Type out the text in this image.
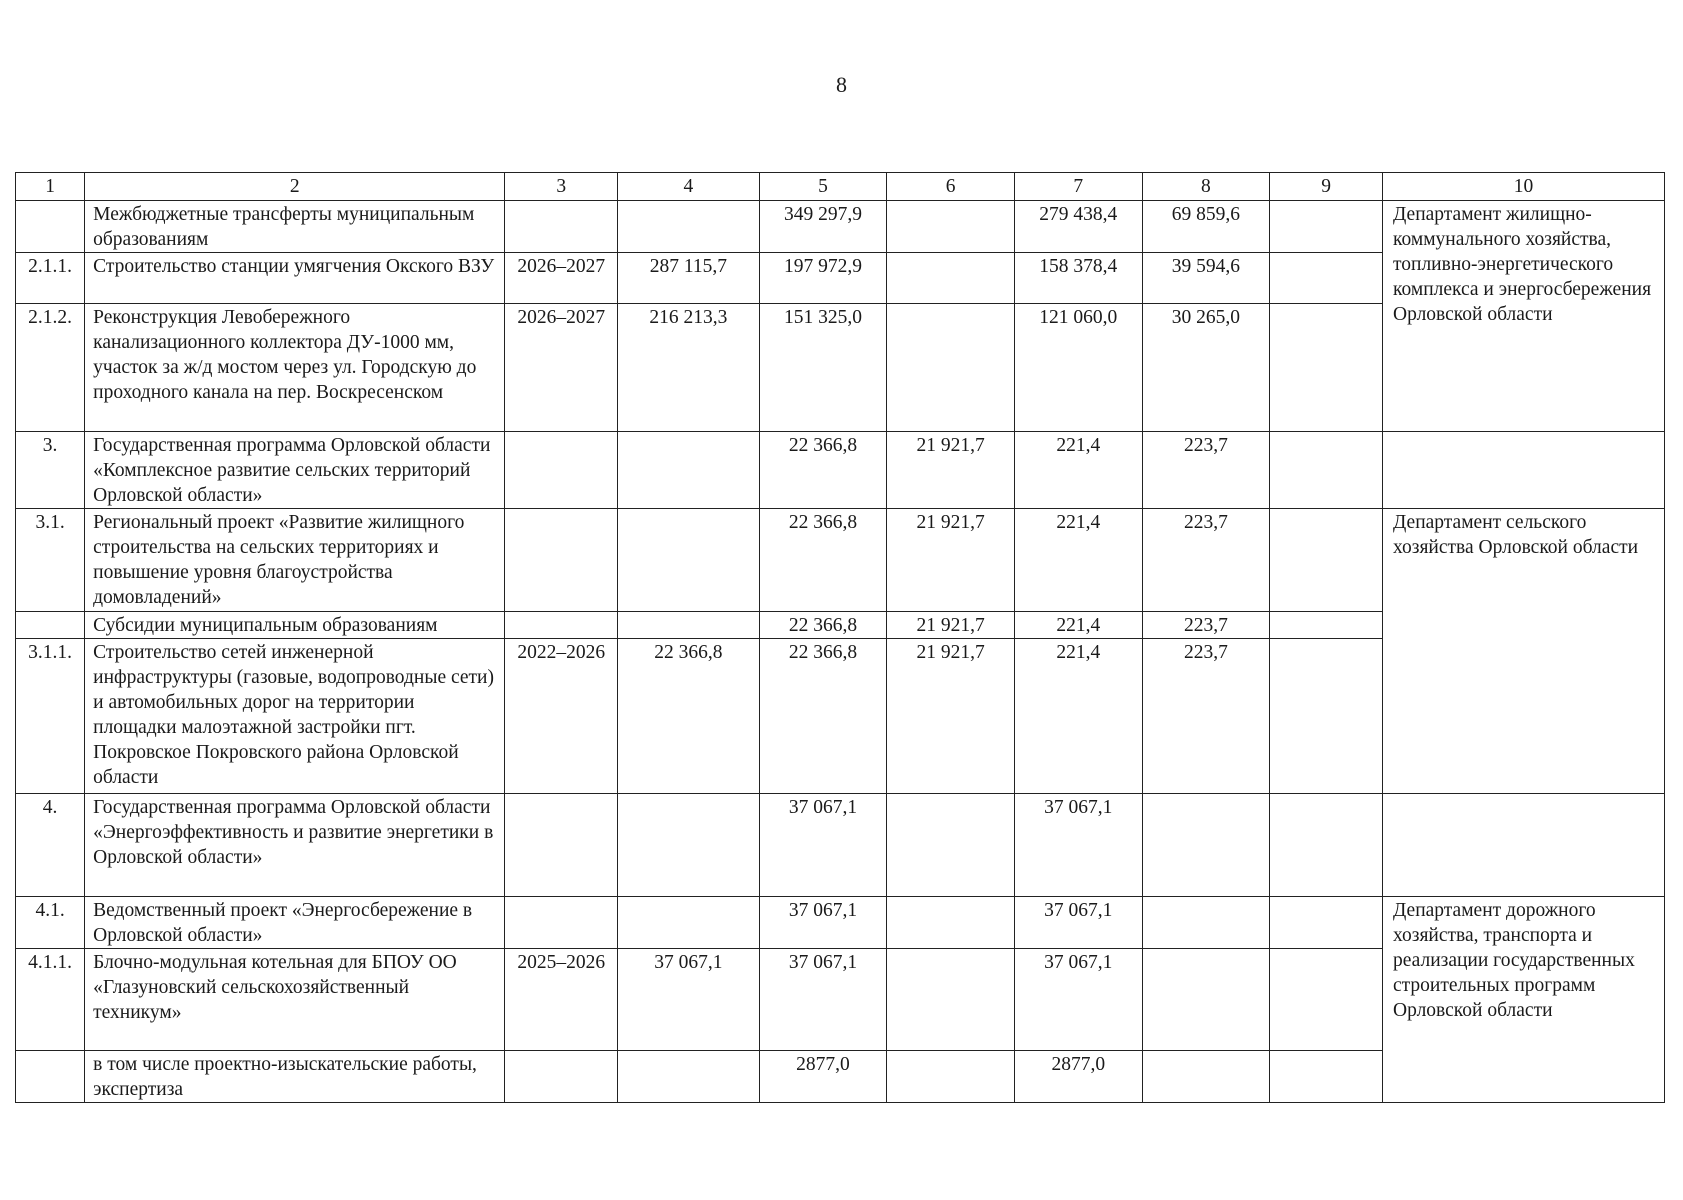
8
1	2	3	4	5	6	7	8	9	10
	Межбюджетные трансферты муниципальным образованиям			349 297,9		279 438,4	69 859,6		Департамент жилищно-коммунального хозяйства, топливно-энергетического комплекса и энергосбережения Орловской области
2.1.1.	Строительство станции умягчения Окского ВЗУ	2026–2027	287 115,7	197 972,9		158 378,4	39 594,6		
2.1.2.	Реконструкция Левобережного канализационного коллектора ДУ-1000 мм, участок за ж/д мостом через ул. Городскую до проходного канала на пер. Воскресенском	2026–2027	216 213,3	151 325,0		121 060,0	30 265,0		
3.	Государственная программа Орловской области «Комплексное развитие сельских территорий Орловской области»			22 366,8	21 921,7	221,4	223,7		
3.1.	Региональный проект «Развитие жилищного строительства на сельских территориях и повышение уровня благоустройства домовладений»			22 366,8	21 921,7	221,4	223,7		Департамент сельского хозяйства Орловской области
	Субсидии муниципальным образованиям			22 366,8	21 921,7	221,4	223,7		
3.1.1.	Строительство сетей инженерной инфраструктуры (газовые, водопроводные сети) и автомобильных дорог на территории площадки малоэтажной застройки пгт. Покровское Покровского района Орловской области	2022–2026	22 366,8	22 366,8	21 921,7	221,4	223,7		
4.	Государственная программа Орловской области «Энергоэффективность и развитие энергетики в Орловской области»			37 067,1		37 067,1			
4.1.	Ведомственный проект «Энергосбережение в Орловской области»			37 067,1		37 067,1			Департамент дорожного хозяйства, транспорта и реализации государственных строительных программ Орловской области
4.1.1.	Блочно-модульная котельная для БПОУ ОО «Глазуновский сельскохозяйственный техникум»	2025–2026	37 067,1	37 067,1		37 067,1			
	в том числе проектно-изыскательские работы, экспертиза			2877,0		2877,0			
